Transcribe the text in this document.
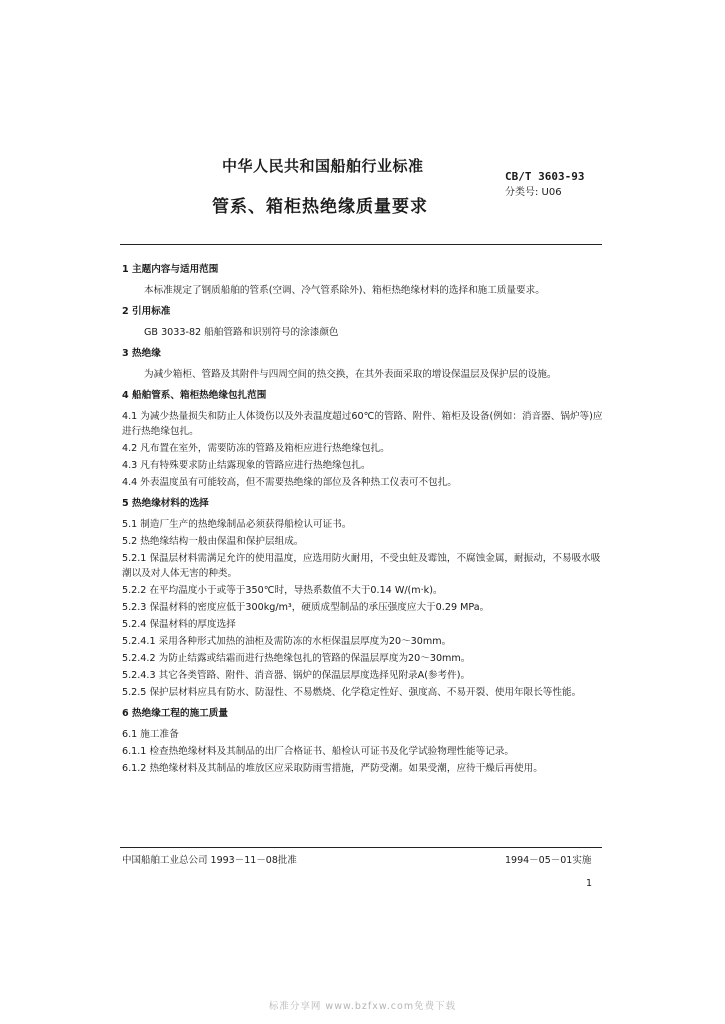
中华人民共和国船舶行业标准
CB/T 3603-93
分类号: U06
管系、箱柜热绝缘质量要求

1 主题内容与适用范围

本标准规定了钢质船舶的管系(空调、冷气管系除外)、箱柜热绝缘材料的选择和施工质量要求。

2 引用标准

GB 3033-82 船舶管路和识别符号的涂漆颜色

3 热绝缘

为减少箱柜、管路及其附件与四周空间的热交换，在其外表面采取的增设保温层及保护层的设施。

4 船舶管系、箱柜热绝缘包扎范围

4.1 为减少热量损失和防止人体烫伤以及外表温度超过60℃的管路、附件、箱柜及设备(例如：消音器、锅炉等)应进行热绝缘包扎。

4.2 凡布置在室外，需要防冻的管路及箱柜应进行热绝缘包扎。

4.3 凡有特殊要求防止结露现象的管路应进行热绝缘包扎。

4.4 外表温度虽有可能较高，但不需要热绝缘的部位及各种热工仪表可不包扎。

5 热绝缘材料的选择

5.1 制造厂生产的热绝缘制品必须获得船检认可证书。

5.2 热绝缘结构一般由保温和保护层组成。

5.2.1 保温层材料需满足允许的使用温度，应选用防火耐用，不受虫蛀及霉蚀，不腐蚀金属，耐振动，不易吸水吸潮以及对人体无害的种类。

5.2.2 在平均温度小于或等于350℃时，导热系数值不大于0.14 W/(m·k)。

5.2.3 保温材料的密度应低于300kg/m³，硬质成型制品的承压强度应大于0.29 MPa。

5.2.4 保温材料的厚度选择

5.2.4.1 采用各种形式加热的油柜及需防冻的水柜保温层厚度为20～30mm。

5.2.4.2 为防止结露或结霜而进行热绝缘包扎的管路的保温层厚度为20～30mm。

5.2.4.3 其它各类管路、附件、消音器、锅炉的保温层厚度选择见附录A(参考件)。

5.2.5 保护层材料应具有防水、防湿性、不易燃烧、化学稳定性好、强度高、不易开裂、使用年限长等性能。

6 热绝缘工程的施工质量

6.1 施工准备

6.1.1 检查热绝缘材料及其制品的出厂合格证书、船检认可证书及化学试验物理性能等记录。

6.1.2 热绝缘材料及其制品的堆放区应采取防雨雪措施，严防受潮。如果受潮，应待干燥后再使用。

中国船舶工业总公司 1993－11－08批准	1994－05－01实施
1
标准分享网 www.bzfxw.com免费下载
